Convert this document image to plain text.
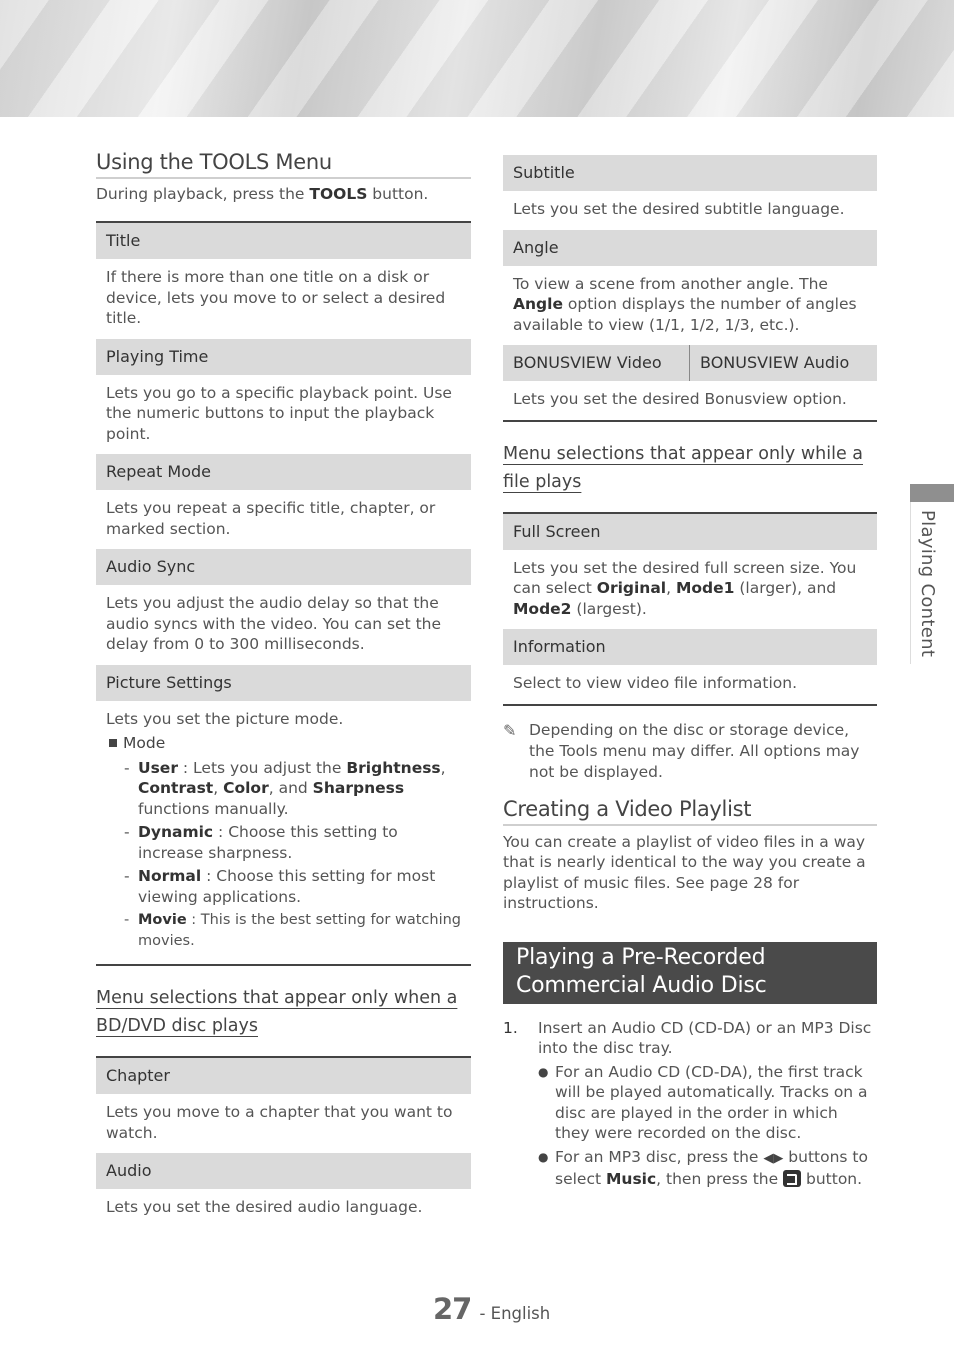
Using the TOOLS Menu
During playback, press the TOOLS button.
Title
If there is more than one title on a disk or device, lets you move to or select a desired title.
Playing Time
Lets you go to a specific playback point. Use the numeric buttons to input the playback point.
Repeat Mode
Lets you repeat a specific title, chapter, or marked section.
Audio Sync
Lets you adjust the audio delay so that the audio syncs with the video. You can set the delay from 0 to 300 milliseconds.
Picture Settings
Lets you set the picture mode.
Mode
- User : Lets you adjust the Brightness, Contrast, Color, and Sharpness functions manually.
- Dynamic : Choose this setting to increase sharpness.
- Normal : Choose this setting for most viewing applications.
- Movie : This is the best setting for watching movies.
Menu selections that appear only when a BD/DVD disc plays
Chapter
Lets you move to a chapter that you want to watch.
Audio
Lets you set the desired audio language.
Subtitle
Lets you set the desired subtitle language.
Angle
To view a scene from another angle. The Angle option displays the number of angles available to view (1/1, 1/2, 1/3, etc.).
BONUSVIEW Video	BONUSVIEW Audio
Lets you set the desired Bonusview option.
Menu selections that appear only while a file plays
Full Screen
Lets you set the desired full screen size. You can select Original, Mode1 (larger), and Mode2 (largest).
Information
Select to view video file information.
✎ Depending on the disc or storage device, the Tools menu may differ. All options may not be displayed.
Creating a Video Playlist

You can create a playlist of video files in a way that is nearly identical to the way you create a playlist of music files. See page 28 for instructions.

Playing a Pre-Recorded Commercial Audio Disc
1. Insert an Audio CD (CD-DA) or an MP3 Disc into the disc tray.
● For an Audio CD (CD-DA), the first track will be played automatically. Tracks on a disc are played in the order in which they were recorded on the disc.
● For an MP3 disc, press the ◀▶ buttons to select Music, then press the  button.
Playing Content
27 - English
